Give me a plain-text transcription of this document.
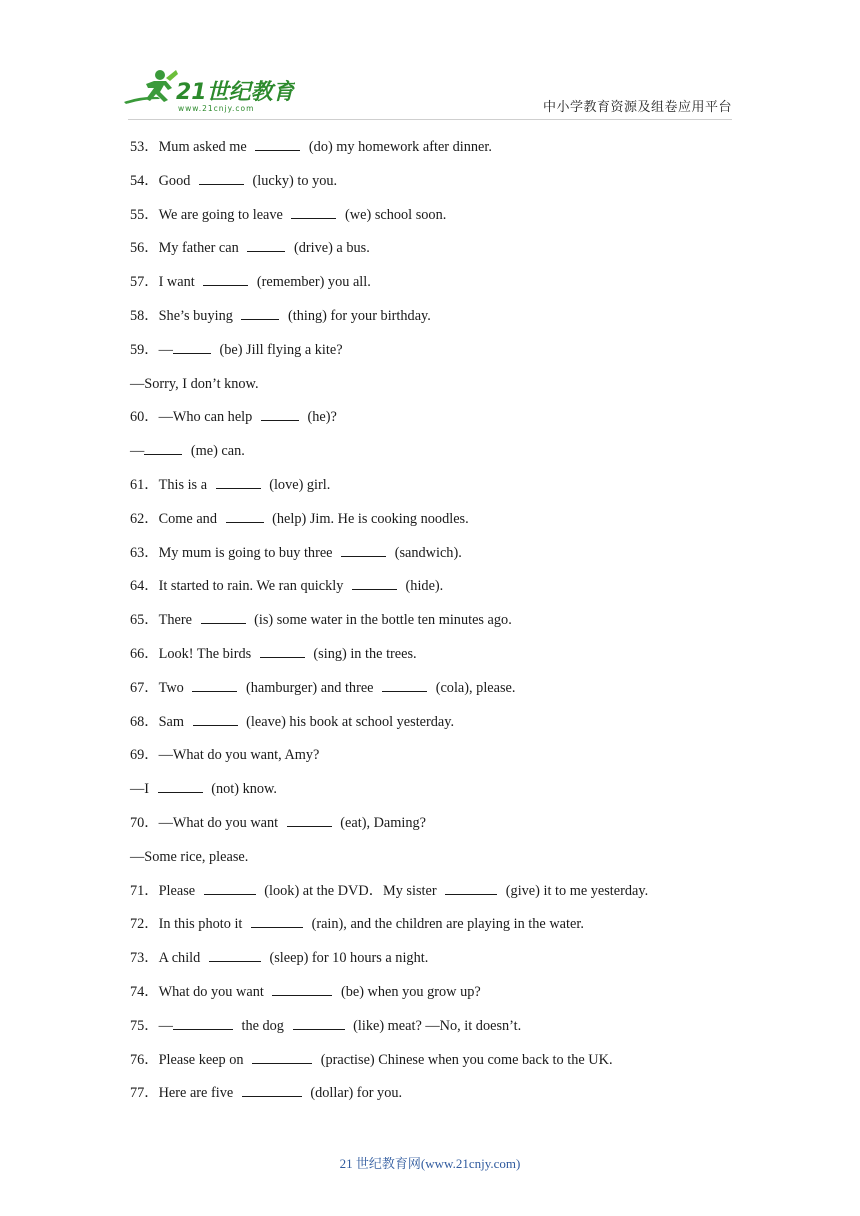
21世纪教育
www.21cnjy.com	中小学教育资源及组卷应用平台
53．Mum asked me	(do) my homework after dinner.
54．Good	(lucky) to you.
55．We are going to leave	(we) school soon.
56．My father can	(drive) a bus.
57．I want	(remember) you all.
58．She’s buying	(thing) for your birthday.
59．—	(be) Jill flying a kite?
—Sorry, I don’t know.
60．—Who can help	(he)?
—	(me) can.
61．This is a	(love) girl.
62．Come and	(help) Jim. He is cooking noodles.
63．My mum is going to buy three	(sandwich).
64．It started to rain. We ran quickly	(hide).
65．There	(is) some water in the bottle ten minutes ago.
66．Look! The birds	(sing) in the trees.
67．Two	(hamburger) and three	(cola), please.
68．Sam	(leave) his book at school yesterday.
69．—What do you want, Amy?
—I	(not) know.
70．—What do you want	(eat), Daming?
—Some rice, please.
71．Please	(look) at the DVD．My sister	(give) it to me yesterday.
72．In this photo it	(rain), and the children are playing in the water.
73．A child	(sleep) for 10 hours a night.
74．What do you want	(be) when you grow up?
75．—	the dog	(like) meat? —No, it doesn’t.
76．Please keep on	(practise) Chinese when you come back to the UK.
77．Here are five	(dollar) for you.
21 世纪教育网(www.21cnjy.com)
